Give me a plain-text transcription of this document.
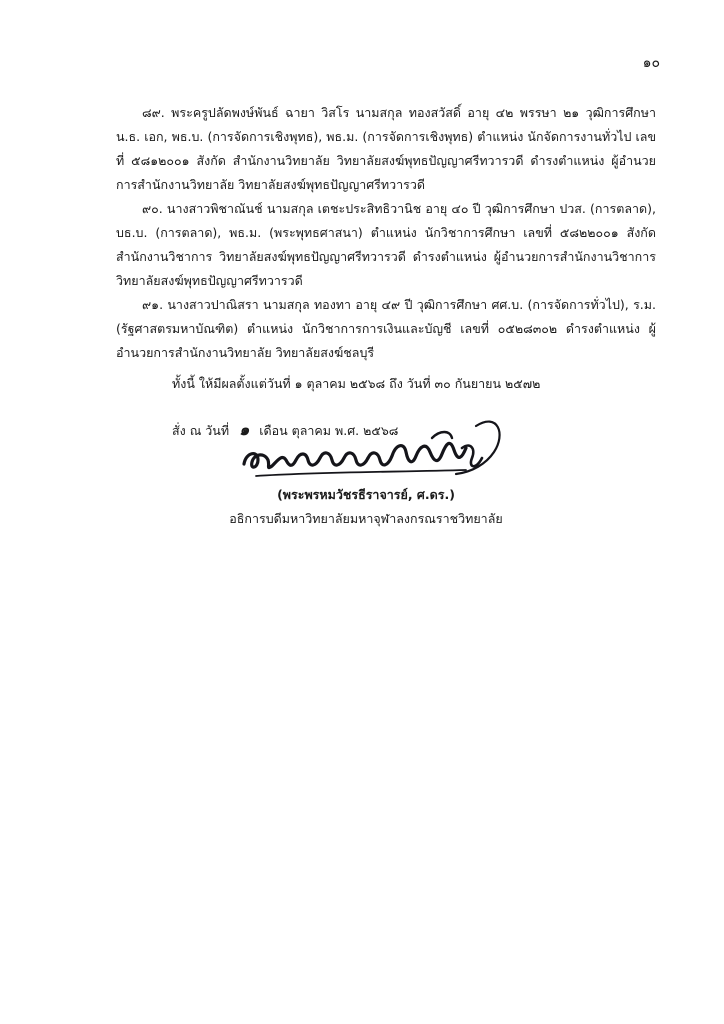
๑๐

๘๙. พระครูปลัดพงษ์พันธ์ ฉายา วิสโร นามสกุล ทองสวัสดิ์ อายุ ๔๒ พรรษา ๒๑ วุฒิการศึกษา น.ธ. เอก, พธ.บ. (การจัดการเชิงพุทธ), พธ.ม. (การจัดการเชิงพุทธ) ตำแหน่ง นักจัดการงานทั่วไป เลขที่ ๕๘๑๒๐๐๑ สังกัด สำนักงานวิทยาลัย วิทยาลัยสงฆ์พุทธปัญญาศรีทวารวดี ดำรงตำแหน่ง ผู้อำนวยการสำนักงานวิทยาลัย วิทยาลัยสงฆ์พุทธปัญญาศรีทวารวดี

๙๐. นางสาวพิชาณันช์ นามสกุล เตชะประสิทธิวานิช อายุ ๔๐ ปี วุฒิการศึกษา ปวส. (การตลาด), บธ.บ. (การตลาด), พธ.ม. (พระพุทธศาสนา) ตำแหน่ง นักวิชาการศึกษา เลขที่ ๕๘๒๒๐๐๑ สังกัด สำนักงานวิชาการ วิทยาลัยสงฆ์พุทธปัญญาศรีทวารวดี ดำรงตำแหน่ง ผู้อำนวยการสำนักงานวิชาการ วิทยาลัยสงฆ์พุทธปัญญาศรีทวารวดี

๙๑. นางสาวปาณิสรา นามสกุล ทองทา อายุ ๔๙ ปี วุฒิการศึกษา ศศ.บ. (การจัดการทั่วไป), ร.ม. (รัฐศาสตรมหาบัณฑิต) ตำแหน่ง นักวิชาการการเงินและบัญชี เลขที่ ๐๕๒๘๓๐๒ ดำรงตำแหน่ง ผู้อำนวยการสำนักงานวิทยาลัย วิทยาลัยสงฆ์ชลบุรี

ทั้งนี้ ให้มีผลตั้งแต่วันที่ ๑ ตุลาคม ๒๕๖๘ ถึง วันที่ ๓๐ กันยายน ๒๕๗๒

สั่ง ณ วันที่ ๑ เดือน ตุลาคม พ.ศ. ๒๕๖๘

(พระพรหมวัชรธีราจารย์, ศ.ดร.)
อธิการบดีมหาวิทยาลัยมหาจุฬาลงกรณราชวิทยาลัย
